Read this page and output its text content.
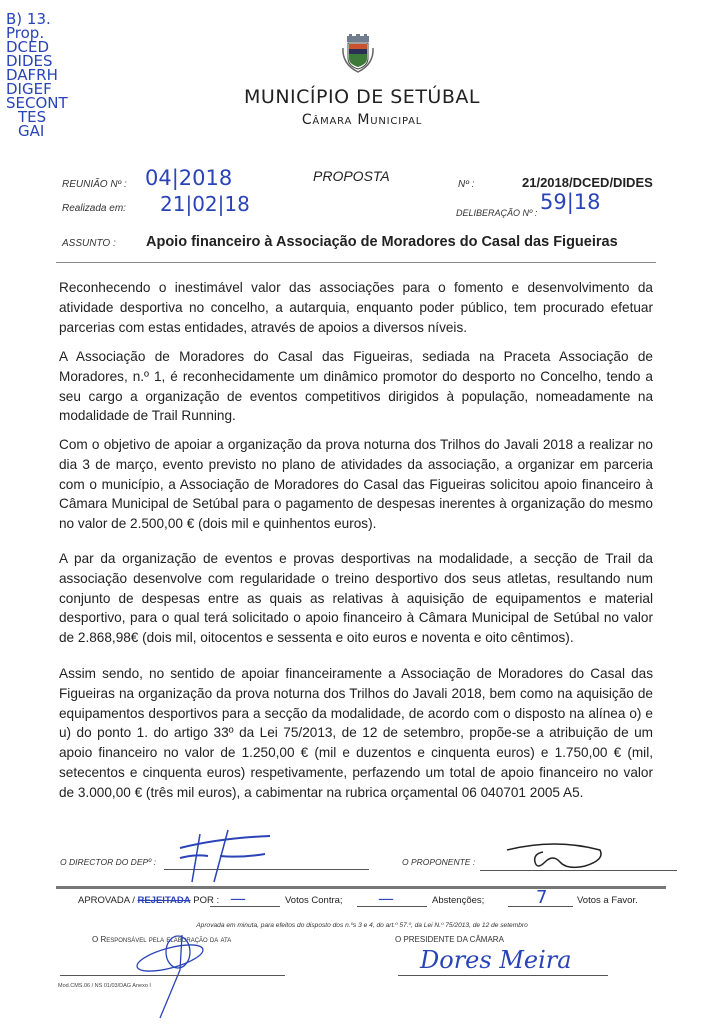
B) 13.
Prop.
DCED
DIDES
DAFRH
DIGEF
SECONT
TES
GAI
MUNICÍPIO DE SETÚBAL
Câmara Municipal
REUNIÃO Nº : 04|2018
Realizada em: 21|02|18
PROPOSTA
Nº :	21/2018/DCED/DIDES
DELIBERAÇÃO Nº : 59|18
ASSUNTO : Apoio financeiro à Associação de Moradores do Casal das Figueiras
Reconhecendo o inestimável valor das associações para o fomento e desenvolvimento da atividade desportiva no concelho, a autarquia, enquanto poder público, tem procurado efetuar parcerias com estas entidades, através de apoios a diversos níveis.
A Associação de Moradores do Casal das Figueiras, sediada na Praceta Associação de Moradores, n.º 1, é reconhecidamente um dinâmico promotor do desporto no Concelho, tendo a seu cargo a organização de eventos competitivos dirigidos à população, nomeadamente na modalidade de Trail Running.
Com o objetivo de apoiar a organização da prova noturna dos Trilhos do Javali 2018 a realizar no dia 3 de março, evento previsto no plano de atividades da associação, a organizar em parceria com o município, a Associação de Moradores do Casal das Figueiras solicitou apoio financeiro à Câmara Municipal de Setúbal para o pagamento de despesas inerentes à organização do mesmo no valor de 2.500,00 € (dois mil e quinhentos euros).
A par da organização de eventos e provas desportivas na modalidade, a secção de Trail da associação desenvolve com regularidade o treino desportivo dos seus atletas, resultando num conjunto de despesas entre as quais as relativas à aquisição de equipamentos e material desportivo, para o qual terá solicitado o apoio financeiro à Câmara Municipal de Setúbal no valor de 2.868,98€ (dois mil, oitocentos e sessenta e oito euros e noventa e oito cêntimos).
Assim sendo, no sentido de apoiar financeiramente a Associação de Moradores do Casal das Figueiras na organização da prova noturna dos Trilhos do Javali 2018, bem como na aquisição de equipamentos desportivos para a secção da modalidade, de acordo com o disposto na alínea o) e u) do ponto 1. do artigo 33º da Lei 75/2013, de 12 de setembro, propõe-se a atribuição de um apoio financeiro no valor de 1.250,00 € (mil e duzentos e cinquenta euros) e 1.750,00 € (mil, setecentos e cinquenta euros) respetivamente, perfazendo um total de apoio financeiro no valor de 3.000,00 € (três mil euros), a cabimentar na rubrica orçamental 06 040701 2005 A5.
O DIRECTOR DO DEPº :	O PROPONENTE :
APROVADA / REJEITADA POR : —	Votos Contra; —	Abstenções;	7	Votos a Favor.
Aprovada em minuta, para efeitos do disposto dos n.ºs 3 e 4, do art.º 57.º, da Lei N.º 75/2013, de 12 de setembro
O Responsável pela elaboração da ata
Mod.CMS.06 / NS 01/03/DAG Anexo I
O PRESIDENTE DA CÂMARA
Dores Meira
